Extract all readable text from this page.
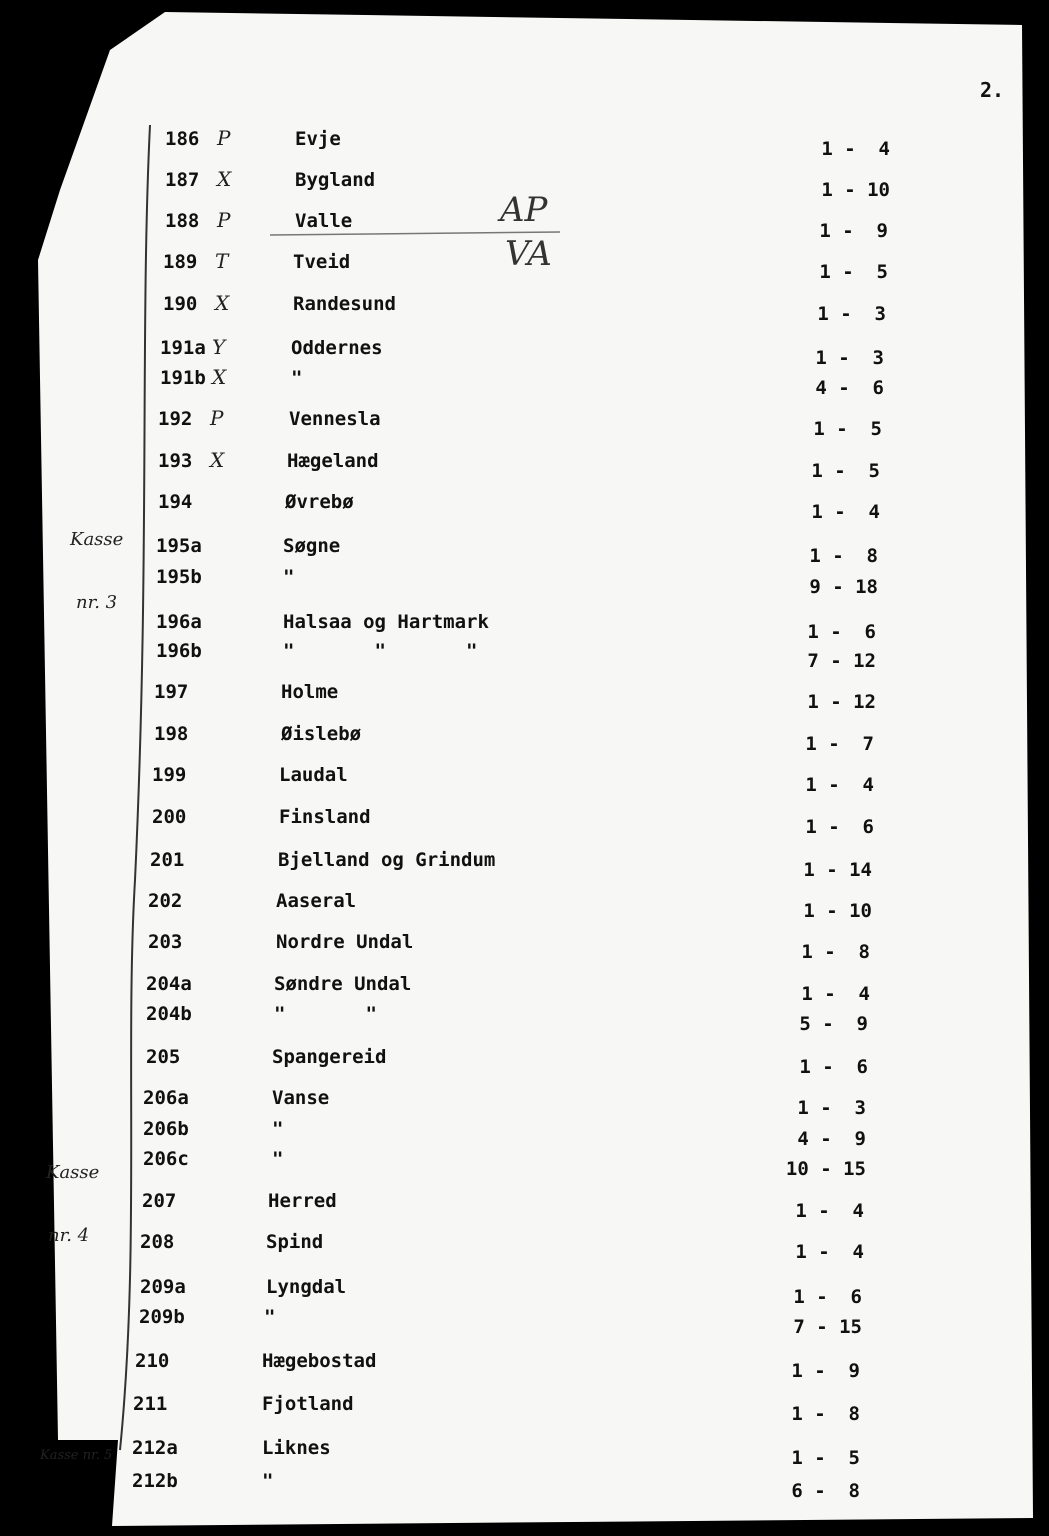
2.

Kasse

nr. 3

Kasse

nr. 4

Kasse nr. 5
AP
VA
186 P	Evje	1 -  4
187 X	Bygland	1 - 10
188 P	Valle	1 -  9
189 T	Tveid	1 -  5
190 X	Randesund	1 -  3
191a Y	Oddernes	1 -  3
191b X	"	4 -  6
192 P	Vennesla	1 -  5
193 X	Hægeland	1 -  5
194	Øvrebø	1 -  4
195a	Søgne	1 -  8
195b	"	9 - 18
196a	Halsaa og Hartmark	1 -  6
196b	"       "       "	7 - 12
197	Holme	1 - 12
198	Øislebø	1 -  7
199	Laudal	1 -  4
200	Finsland	1 -  6
201	Bjelland og Grindum	1 - 14
202	Aaseral	1 - 10
203	Nordre Undal	1 -  8
204a	Søndre Undal	1 -  4
204b	"       "	5 -  9
205	Spangereid	1 -  6
206a	Vanse	1 -  3
206b	"	4 -  9
206c	"	10 - 15
207	Herred	1 -  4
208	Spind	1 -  4
209a	Lyngdal	1 -  6
209b	"	7 - 15
210	Hægebostad	1 -  9
211	Fjotland	1 -  8
212a	Liknes	1 -  5
212b	"	6 -  8
